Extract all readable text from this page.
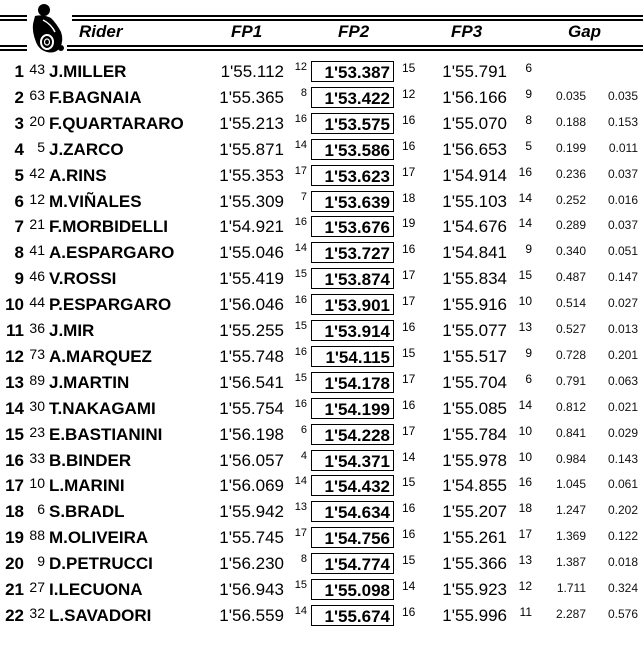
Rider	FP1	FP2	FP3	Gap
1 43 J.MILLER	1'55.112 12	1'53.387	15	1'55.791	6
2 63 F.BAGNAIA	1'55.365	8	1'53.422	12	1'56.166	9	0.035	0.035
3 20 F.QUARTARARO	1'55.213 16	1'53.575	16	1'55.070	8	0.188	0.153
4 5 J.ZARCO	1'55.871 14	1'53.586	16	1'56.653	5	0.199	0.011
5 42 A.RINS	1'55.353 17	1'53.623	17	1'54.914 16	0.236	0.037
6 12 M.VIÑALES	1'55.309	7	1'53.639	18	1'55.103 14	0.252	0.016
7 21 F.MORBIDELLI	1'54.921 16	1'53.676	19	1'54.676 14	0.289	0.037
8 41 A.ESPARGARO	1'55.046 14	1'53.727	16	1'54.841	9	0.340	0.051
9 46 V.ROSSI	1'55.419 15	1'53.874	17	1'55.834 15	0.487	0.147
10 44 P.ESPARGARO	1'56.046 16	1'53.901	17	1'55.916 10	0.514	0.027
11 36 J.MIR	1'55.255 15	1'53.914	16	1'55.077 13	0.527	0.013
12 73 A.MARQUEZ	1'55.748 16	1'54.115	15	1'55.517	9	0.728	0.201
13 89 J.MARTIN	1'56.541 15	1'54.178	17	1'55.704	6	0.791	0.063
14 30 T.NAKAGAMI	1'55.754 16	1'54.199	16	1'55.085 14	0.812	0.021
15 23 E.BASTIANINI	1'56.198	6	1'54.228	17	1'55.784 10	0.841	0.029
16 33 B.BINDER	1'56.057	4	1'54.371	14	1'55.978 10	0.984	0.143
17 10 L.MARINI	1'56.069 14	1'54.432	15	1'54.855 16	1.045	0.061
18 6 S.BRADL	1'55.942 13	1'54.634	16	1'55.207 18	1.247	0.202
19 88 M.OLIVEIRA	1'55.745 17	1'54.756	16	1'55.261 17	1.369	0.122
20 9 D.PETRUCCI	1'56.230	8	1'54.774	15	1'55.366 13	1.387	0.018
21 27 I.LECUONA	1'56.943 15	1'55.098	14	1'55.923 12	1.711	0.324
22 32 L.SAVADORI	1'56.559 14	1'55.674	16	1'55.996	11	2.287	0.576
